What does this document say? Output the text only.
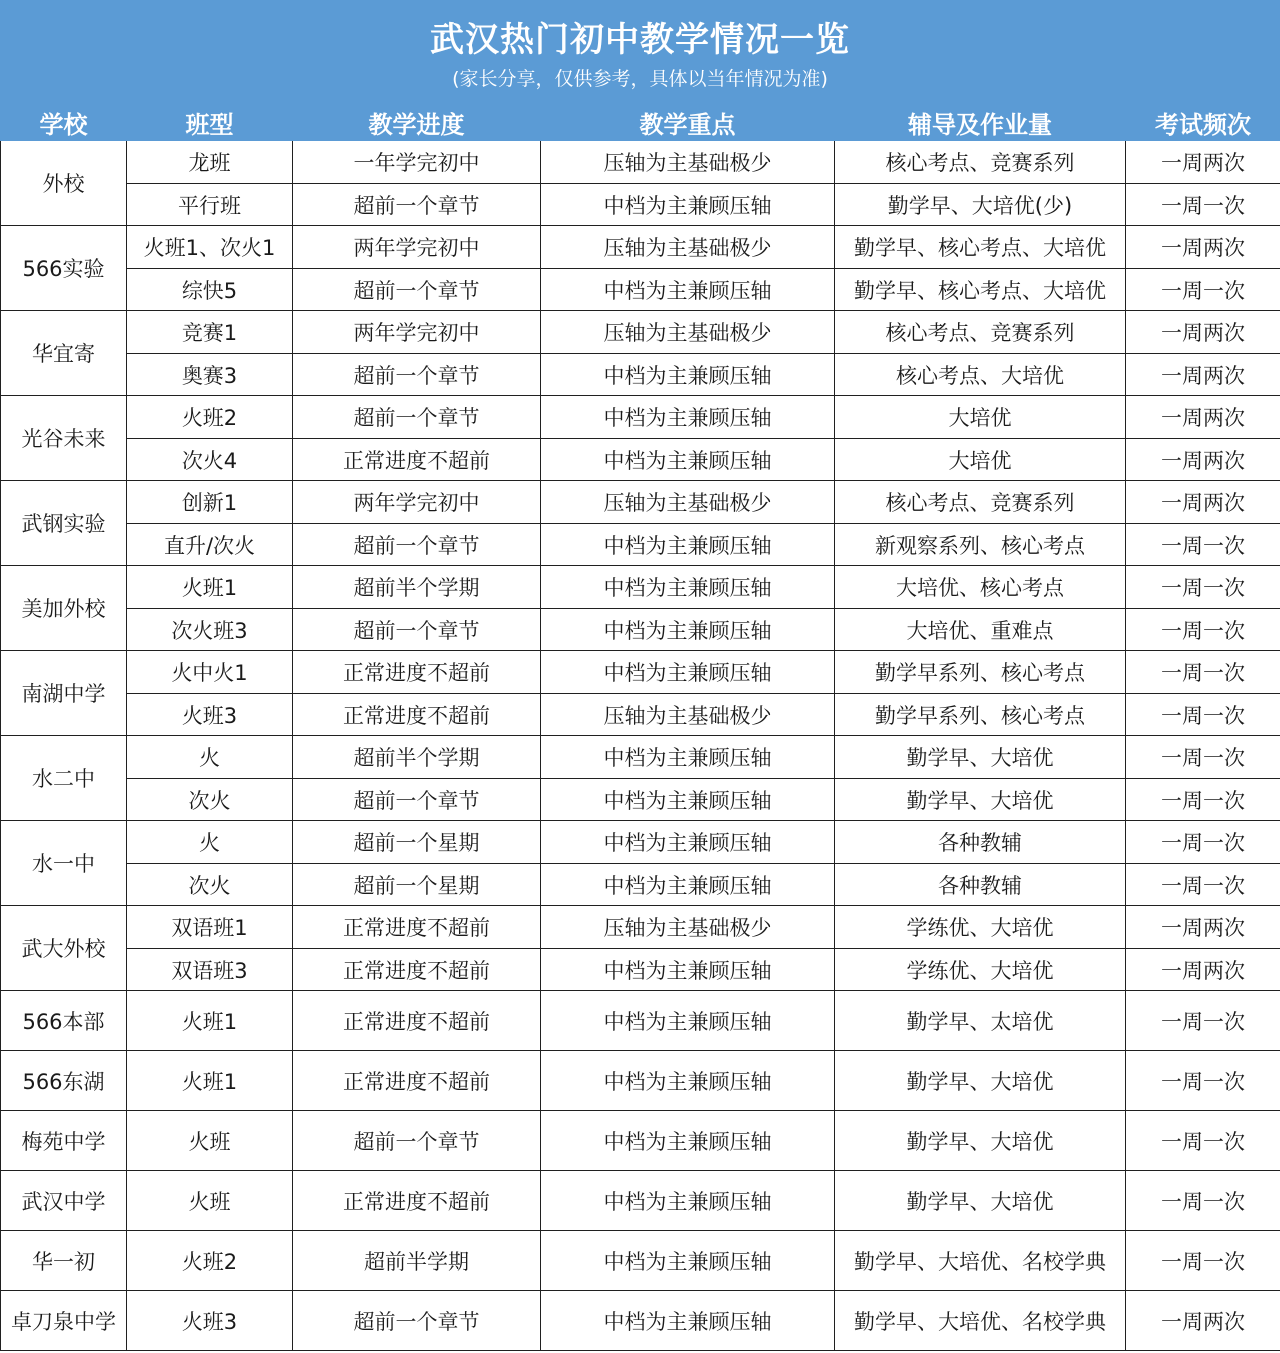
武汉热门初中教学情况一览
(家长分享，仅供参考，具体以当年情况为准)
学校	班型	教学进度	教学重点	辅导及作业量	考试频次
外校	龙班	一年学完初中	压轴为主基础极少	核心考点、竞赛系列	一周两次
	平行班	超前一个章节	中档为主兼顾压轴	勤学早、大培优(少)	一周一次
566实验	火班1、次火1	两年学完初中	压轴为主基础极少	勤学早、核心考点、大培优	一周两次
	综快5	超前一个章节	中档为主兼顾压轴	勤学早、核心考点、大培优	一周一次
华宜寄	竞赛1	两年学完初中	压轴为主基础极少	核心考点、竞赛系列	一周两次
	奥赛3	超前一个章节	中档为主兼顾压轴	核心考点、大培优	一周两次
光谷未来	火班2	超前一个章节	中档为主兼顾压轴	大培优	一周两次
	次火4	正常进度不超前	中档为主兼顾压轴	大培优	一周两次
武钢实验	创新1	两年学完初中	压轴为主基础极少	核心考点、竞赛系列	一周两次
	直升/次火	超前一个章节	中档为主兼顾压轴	新观察系列、核心考点	一周一次
美加外校	火班1	超前半个学期	中档为主兼顾压轴	大培优、核心考点	一周一次
	次火班3	超前一个章节	中档为主兼顾压轴	大培优、重难点	一周一次
南湖中学	火中火1	正常进度不超前	中档为主兼顾压轴	勤学早系列、核心考点	一周一次
	火班3	正常进度不超前	压轴为主基础极少	勤学早系列、核心考点	一周一次
水二中	火	超前半个学期	中档为主兼顾压轴	勤学早、大培优	一周一次
	次火	超前一个章节	中档为主兼顾压轴	勤学早、大培优	一周一次
水一中	火	超前一个星期	中档为主兼顾压轴	各种教辅	一周一次
	次火	超前一个星期	中档为主兼顾压轴	各种教辅	一周一次
武大外校	双语班1	正常进度不超前	压轴为主基础极少	学练优、大培优	一周两次
	双语班3	正常进度不超前	中档为主兼顾压轴	学练优、大培优	一周两次
566本部	火班1	正常进度不超前	中档为主兼顾压轴	勤学早、太培优	一周一次
566东湖	火班1	正常进度不超前	中档为主兼顾压轴	勤学早、大培优	一周一次
梅苑中学	火班	超前一个章节	中档为主兼顾压轴	勤学早、大培优	一周一次
武汉中学	火班	正常进度不超前	中档为主兼顾压轴	勤学早、大培优	一周一次
华一初	火班2	超前半学期	中档为主兼顾压轴	勤学早、大培优、名校学典	一周一次
卓刀泉中学	火班3	超前一个章节	中档为主兼顾压轴	勤学早、大培优、名校学典	一周两次
